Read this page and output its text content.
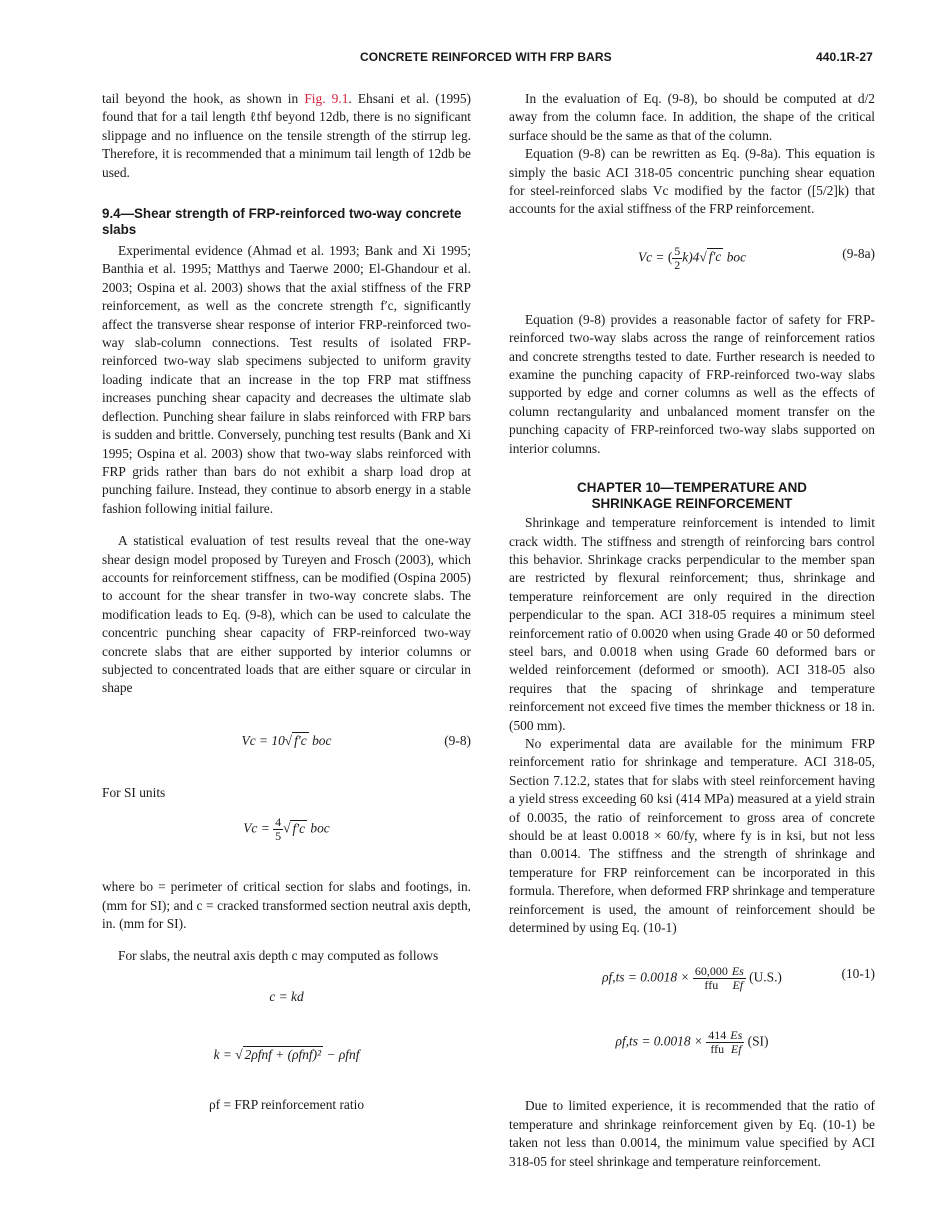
CONCRETE REINFORCED WITH FRP BARS	440.1R-27

tail beyond the hook, as shown in Fig. 9.1. Ehsani et al. (1995) found that for a tail length ℓthf beyond 12db, there is no significant slippage and no influence on the tensile strength of the stirrup leg. Therefore, it is recommended that a minimum tail length of 12db be used.

9.4—Shear strength of FRP-reinforced two-way concrete slabs

Experimental evidence (Ahmad et al. 1993; Bank and Xi 1995; Banthia et al. 1995; Matthys and Taerwe 2000; El-Ghandour et al. 2003; Ospina et al. 2003) shows that the axial stiffness of the FRP reinforcement, as well as the concrete strength f′c, significantly affect the transverse shear response of interior FRP-reinforced two-way slab-column connections. Test results of isolated FRP-reinforced two-way slab specimens subjected to uniform gravity loading indicate that an increase in the top FRP mat stiffness increases punching shear capacity and decreases the ultimate slab deflection. Punching shear failure in slabs reinforced with FRP bars is sudden and brittle. Conversely, punching test results (Bank and Xi 1995; Ospina et al. 2003) show that two-way slabs reinforced with FRP grids rather than bars do not exhibit a sharp load drop at punching failure. Instead, they continue to absorb energy in a stable fashion following initial failure.

A statistical evaluation of test results reveal that the one-way shear design model proposed by Tureyen and Frosch (2003), which accounts for reinforcement stiffness, can be modified (Ospina 2005) to account for the shear transfer in two-way concrete slabs. The modification leads to Eq. (9-8), which can be used to calculate the concentric punching shear capacity of FRP-reinforced two-way concrete slabs that are either supported by interior columns or subjected to concentrated loads that are either square or circular in shape

Vc = 10√ f′c boc	(9-8)

For SI units

$Vc = \frac{4}{5}$ √ f′c boc

where bo = perimeter of critical section for slabs and footings, in. (mm for SI); and c = cracked transformed section neutral axis depth, in. (mm for SI).

For slabs, the neutral axis depth c may computed as follows

c = kd
k = √ 2ρfnf + (ρfnf)² − ρfnf
ρf = FRP reinforcement ratio

In the evaluation of Eq. (9-8), bo should be computed at d/2 away from the column face. In addition, the shape of the critical surface should be the same as that of the column.

Equation (9-8) can be rewritten as Eq. (9-8a). This equation is simply the basic ACI 318-05 concentric punching shear equation for steel-reinforced slabs Vc modified by the factor ([5/2]k) that accounts for the axial stiffness of the FRP reinforcement.

Vc = ( $\frac{5}{2} k)4√$ f′c boc	(9-8a)

Equation (9-8) provides a reasonable factor of safety for FRP-reinforced two-way slabs across the range of reinforcement ratios and concrete strengths tested to date. Further research is needed to examine the punching capacity of FRP-reinforced two-way slabs supported by edge and corner columns as well as the effects of column rectangularity and unbalanced moment transfer on the punching capacity of FRP-reinforced two-way slabs supported on interior columns.

CHAPTER 10—TEMPERATURE AND
SHRINKAGE REINFORCEMENT

Shrinkage and temperature reinforcement is intended to limit crack width. The stiffness and strength of reinforcing bars control this behavior. Shrinkage cracks perpendicular to the member span are restricted by flexural reinforcement; thus, shrinkage and temperature reinforcement are only required in the direction perpendicular to the span. ACI 318-05 requires a minimum steel reinforcement ratio of 0.0020 when using Grade 40 or 50 deformed steel bars, and 0.0018 when using Grade 60 deformed bars or welded reinforcement (deformed or smooth). ACI 318-05 also requires that the spacing of shrinkage and temperature reinforcement not exceed five times the member thickness or 18 in. (500 mm).

No experimental data are available for the minimum FRP reinforcement ratio for shrinkage and temperature. ACI 318-05, Section 7.12.2, states that for slabs with steel reinforcement having a yield stress exceeding 60 ksi (414 MPa) measured at a yield strain of 0.0035, the ratio of reinforcement to gross area of concrete should be at least 0.0018 × 60/fy, where fy is in ksi, but not less than 0.0014. The stiffness and the strength of shrinkage and temperature for FRP reinforcement can be incorporated in this formula. Therefore, when deformed FRP shrinkage and temperature reinforcement is used, the amount of reinforcement should be determined by using Eq. (10-1)

ρf,ts = 0.0018 × 60,000
ffu $\frac{Es}{Ef} (U.S.)$	(10-1)
ρf,ts = 0.0018 × 414
ffu $\frac{Es}{Ef} (SI)$

Due to limited experience, it is recommended that the ratio of temperature and shrinkage reinforcement given by Eq. (10-1) be taken not less than 0.0014, the minimum value specified by ACI 318-05 for steel shrinkage and temperature reinforcement.
